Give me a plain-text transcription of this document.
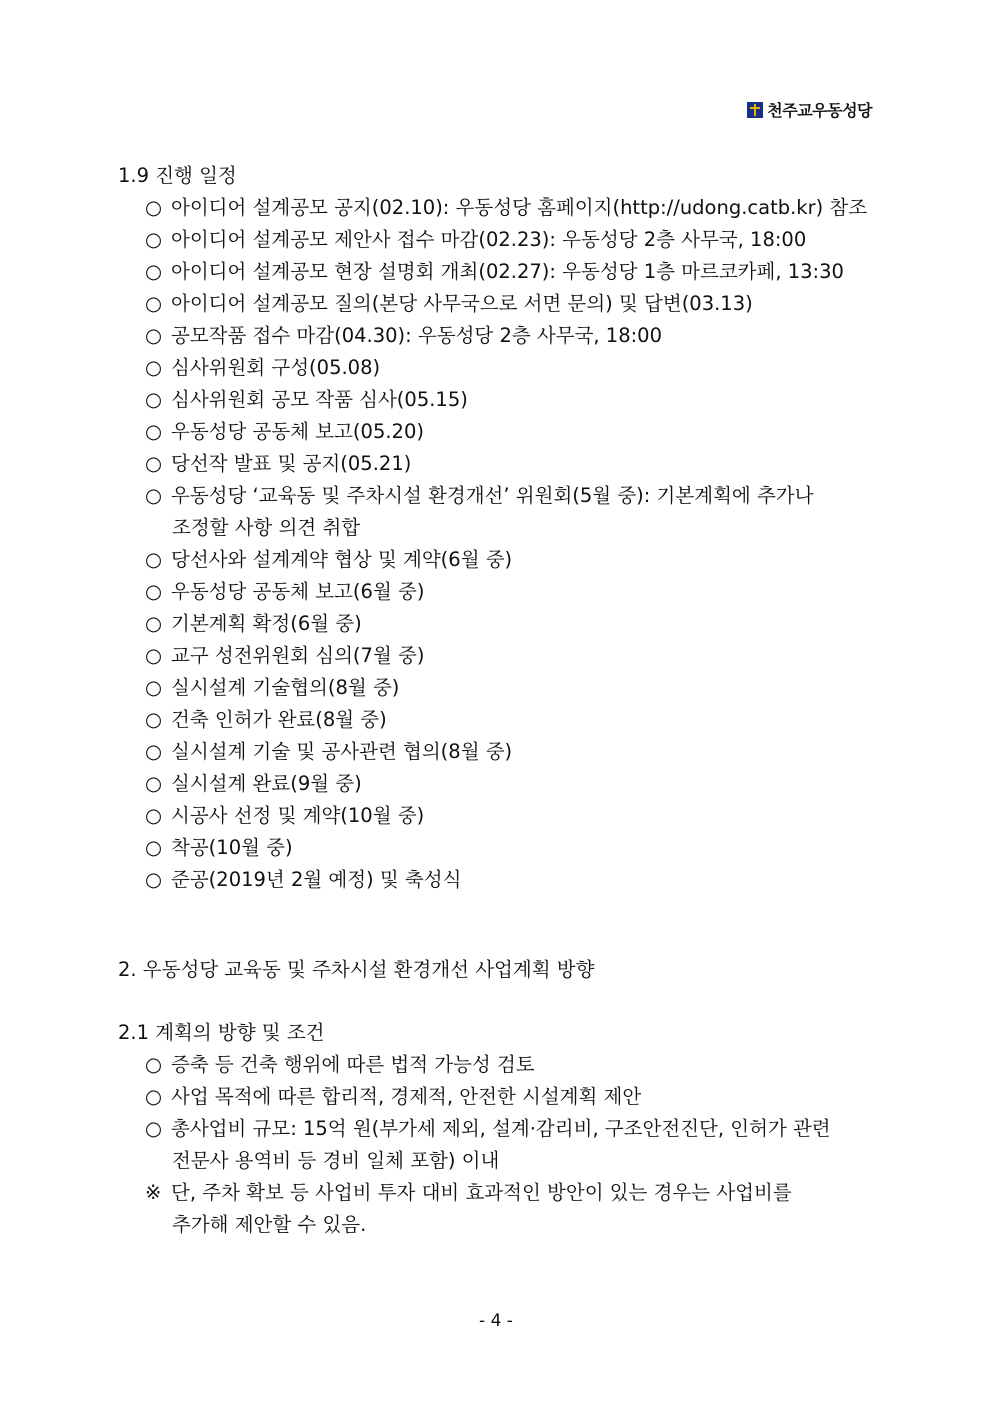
천주교우동성당
1.9 진행 일정
○ 아이디어 설계공모 공지(02.10): 우동성당 홈페이지(http://udong.catb.kr) 참조
○ 아이디어 설계공모 제안사 접수 마감(02.23): 우동성당 2층 사무국, 18:00
○ 아이디어 설계공모 현장 설명회 개최(02.27): 우동성당 1층 마르코카페, 13:30
○ 아이디어 설계공모 질의(본당 사무국으로 서면 문의) 및 답변(03.13)
○ 공모작품 접수 마감(04.30): 우동성당 2층 사무국, 18:00
○ 심사위원회 구성(05.08)
○ 심사위원회 공모 작품 심사(05.15)
○ 우동성당 공동체 보고(05.20)
○ 당선작 발표 및 공지(05.21)
○ 우동성당 ‘교육동 및 주차시설 환경개선’ 위원회(5월 중): 기본계획에 추가나
조정할 사항 의견 취합
○ 당선사와 설계계약 협상 및 계약(6월 중)
○ 우동성당 공동체 보고(6월 중)
○ 기본계획 확정(6월 중)
○ 교구 성전위원회 심의(7월 중)
○ 실시설계 기술협의(8월 중)
○ 건축 인허가 완료(8월 중)
○ 실시설계 기술 및 공사관련 협의(8월 중)
○ 실시설계 완료(9월 중)
○ 시공사 선정 및 계약(10월 중)
○ 착공(10월 중)
○ 준공(2019년 2월 예정) 및 축성식
2. 우동성당 교육동 및 주차시설 환경개선 사업계획 방향
2.1 계획의 방향 및 조건
○ 증축 등 건축 행위에 따른 법적 가능성 검토
○ 사업 목적에 따른 합리적, 경제적, 안전한 시설계획 제안
○ 총사업비 규모: 15억 원(부가세 제외, 설계·감리비, 구조안전진단, 인허가 관련
전문사 용역비 등 경비 일체 포함) 이내
※ 단, 주차 확보 등 사업비 투자 대비 효과적인 방안이 있는 경우는 사업비를
추가해 제안할 수 있음.
- 4 -
